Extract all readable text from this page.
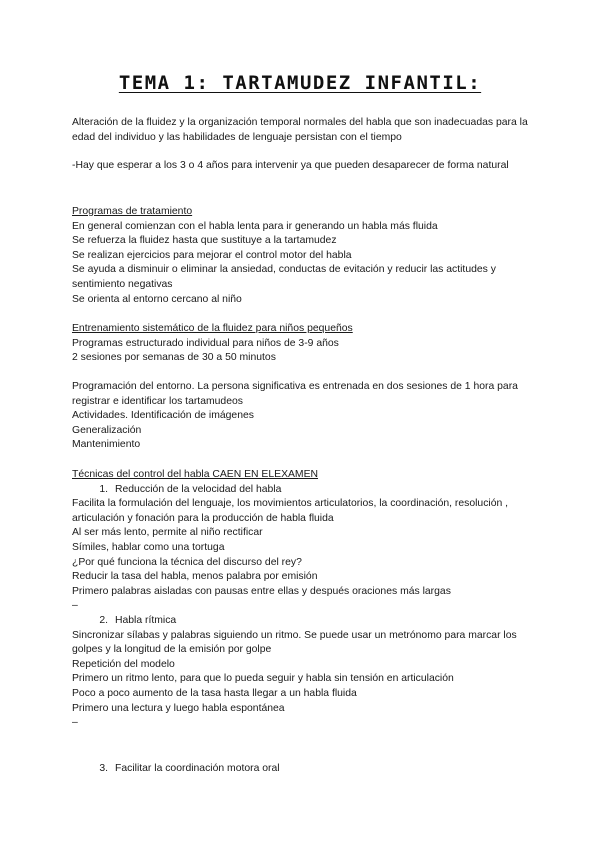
TEMA 1: TARTAMUDEZ INFANTIL:
Alteración de la fluidez y la organización temporal normales del habla que son inadecuadas para la edad del individuo y las habilidades de lenguaje persistan con el tiempo
-Hay que esperar a los 3 o 4 años para intervenir ya que pueden desaparecer de forma natural
Programas de tratamiento
En general comienzan con el habla lenta para ir generando un habla más fluida
Se refuerza la fluidez hasta que sustituye a la tartamudez
Se realizan ejercicios para mejorar el control motor del habla
Se ayuda a disminuir o eliminar la ansiedad, conductas de evitación y reducir las actitudes y sentimiento negativas
Se orienta al entorno cercano al niño
Entrenamiento sistemático de la fluidez para niños pequeños
Programas estructurado individual para niños de 3-9 años
2 sesiones por semanas de 30 a 50 minutos
Programación del entorno. La persona significativa es entrenada en dos sesiones de 1 hora para registrar e identificar los tartamudeos
Actividades. Identificación de imágenes
Generalización
Mantenimiento
Técnicas del control del habla CAEN EN ELEXAMEN
1. Reducción de la velocidad del habla
Facilita la formulación del lenguaje, los movimientos articulatorios, la coordinación, resolución , articulación y fonación para la producción de habla fluida
Al ser más lento, permite al niño rectificar
Símiles, hablar como una tortuga
¿Por qué funciona la técnica del discurso del rey?
Reducir la tasa del habla, menos palabra por emisión
Primero palabras aisladas con pausas entre ellas y después oraciones más largas
–
2. Habla rítmica
Sincronizar sílabas y palabras siguiendo un ritmo. Se puede usar un metrónomo para marcar los golpes y la longitud de la emisión por golpe
Repetición del modelo
Primero un ritmo lento, para que lo pueda seguir y habla sin tensión en articulación
Poco a poco aumento de la tasa hasta llegar a un habla fluida
Primero una lectura y luego habla espontánea
–
3. Facilitar la coordinación motora oral
